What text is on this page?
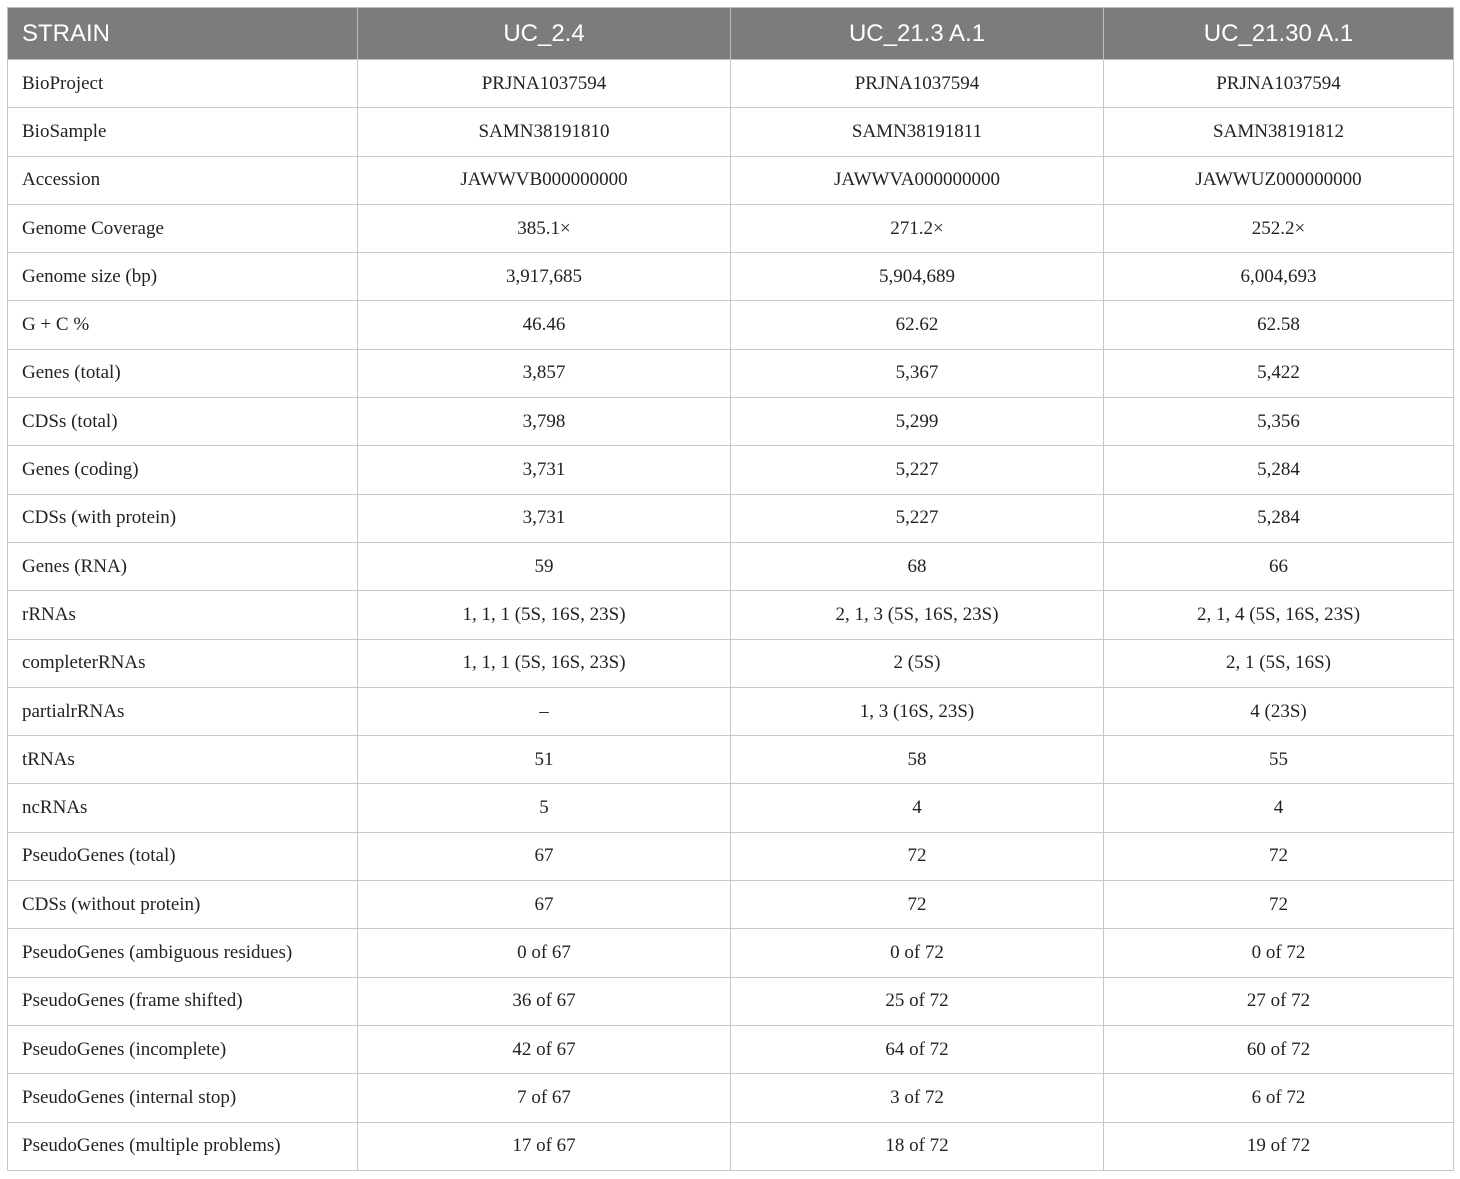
STRAIN	UC_2.4	UC_21.3 A.1	UC_21.30 A.1
BioProject	PRJNA1037594	PRJNA1037594	PRJNA1037594
BioSample	SAMN38191810	SAMN38191811	SAMN38191812
Accession	JAWWVB000000000	JAWWVA000000000	JAWWUZ000000000
Genome Coverage	385.1×	271.2×	252.2×
Genome size (bp)	3,917,685	5,904,689	6,004,693
G + C %	46.46	62.62	62.58
Genes (total)	3,857	5,367	5,422
CDSs (total)	3,798	5,299	5,356
Genes (coding)	3,731	5,227	5,284
CDSs (with protein)	3,731	5,227	5,284
Genes (RNA)	59	68	66
rRNAs	1, 1, 1 (5S, 16S, 23S)	2, 1, 3 (5S, 16S, 23S)	2, 1, 4 (5S, 16S, 23S)
completerRNAs	1, 1, 1 (5S, 16S, 23S)	2 (5S)	2, 1 (5S, 16S)
partialrRNAs	–	1, 3 (16S, 23S)	4 (23S)
tRNAs	51	58	55
ncRNAs	5	4	4
PseudoGenes (total)	67	72	72
CDSs (without protein)	67	72	72
PseudoGenes (ambiguous residues)	0 of 67	0 of 72	0 of 72
PseudoGenes (frame shifted)	36 of 67	25 of 72	27 of 72
PseudoGenes (incomplete)	42 of 67	64 of 72	60 of 72
PseudoGenes (internal stop)	7 of 67	3 of 72	6 of 72
PseudoGenes (multiple problems)	17 of 67	18 of 72	19 of 72
